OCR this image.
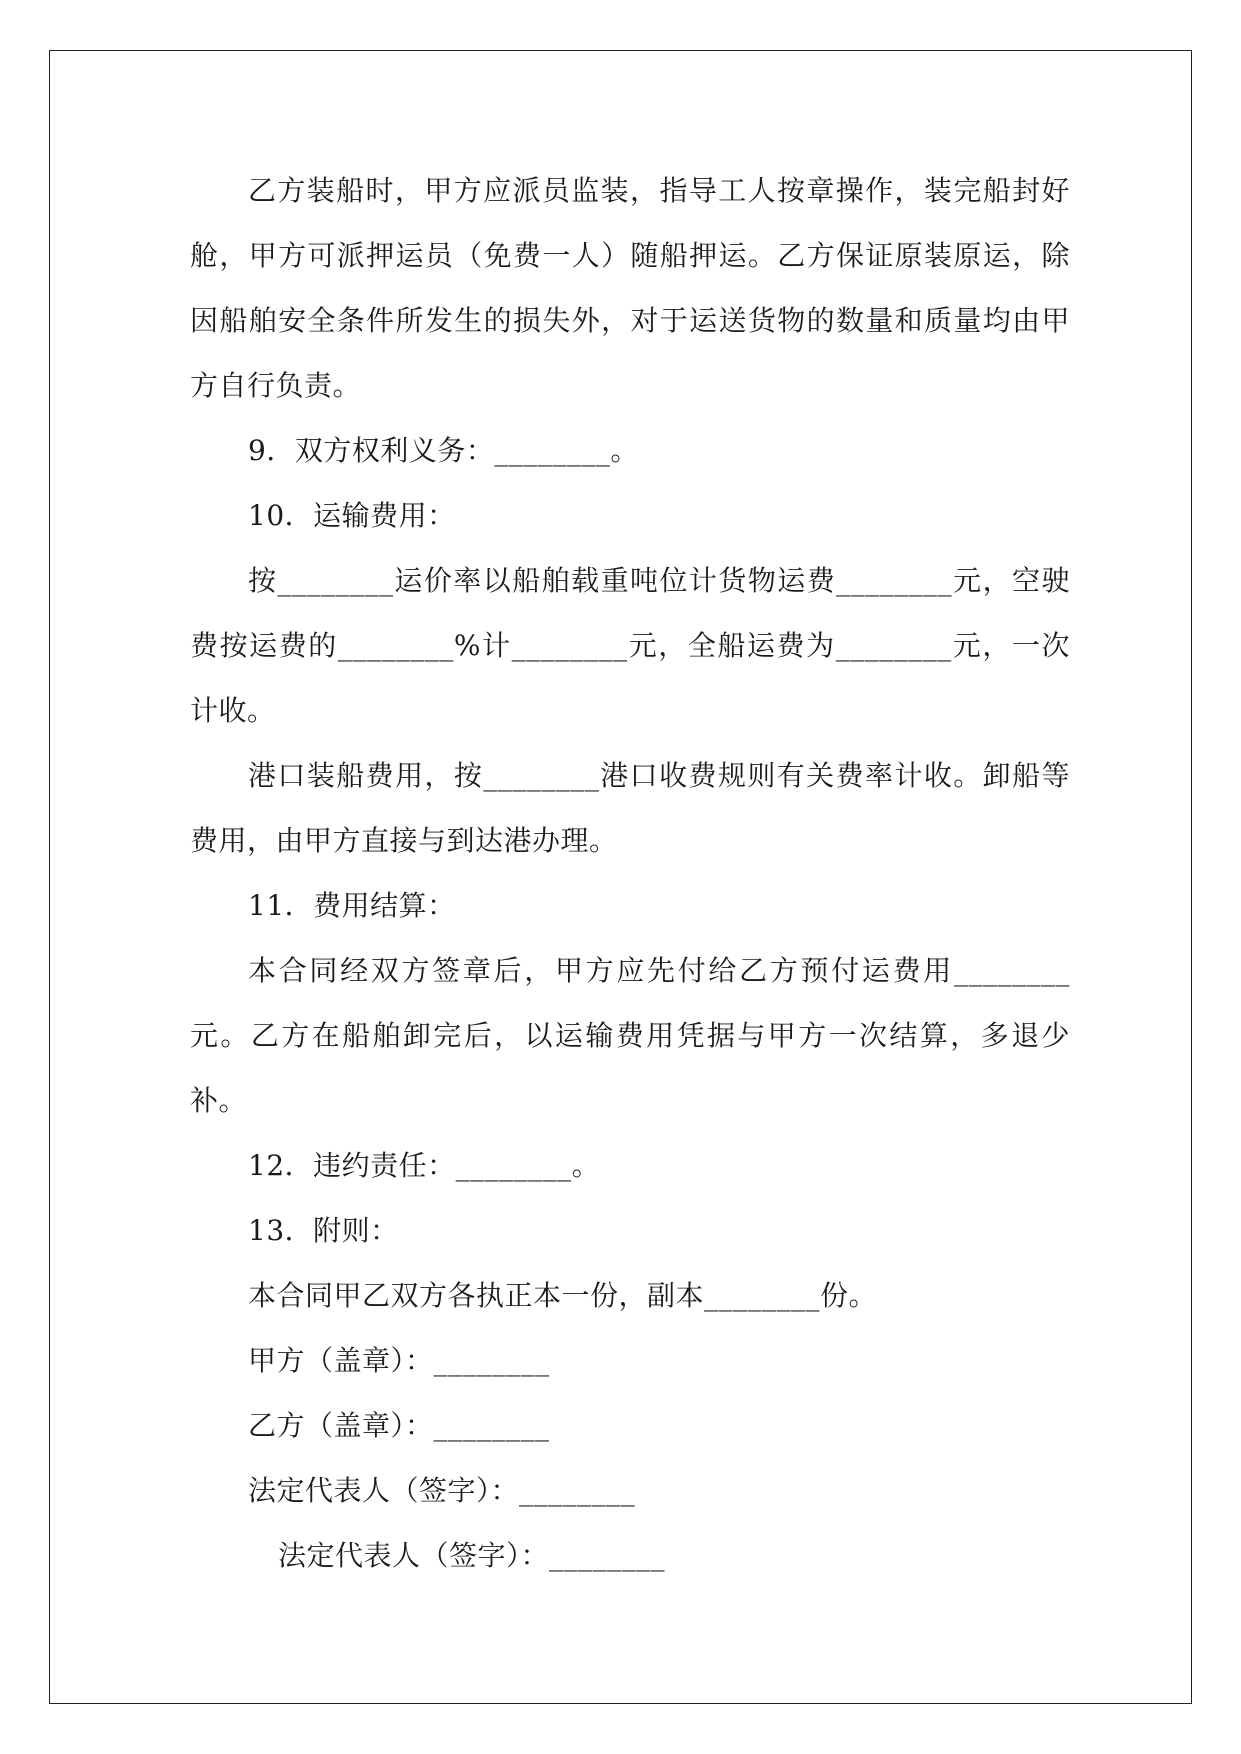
乙方装船时，甲方应派员监装，指导工人按章操作，装完船封好舱，甲方可派押运员（免费一人）随船押运。乙方保证原装原运，除因船舶安全条件所发生的损失外，对于运送货物的数量和质量均由甲方自行负责。

9．双方权利义务：________。

10．运输费用：

按________运价率以船舶载重吨位计货物运费________元，空驶费按运费的________%计________元，全船运费为________元，一次计收。

港口装船费用，按________港口收费规则有关费率计收。卸船等费用，由甲方直接与到达港办理。

11．费用结算：

本合同经双方签章后，甲方应先付给乙方预付运费用________元。乙方在船舶卸完后，以运输费用凭据与甲方一次结算，多退少补。

12．违约责任：________。

13．附则：

本合同甲乙双方各执正本一份，副本________份。

甲方（盖章）：________

乙方（盖章）：________

法定代表人（签字）：________

法定代表人（签字）：________
